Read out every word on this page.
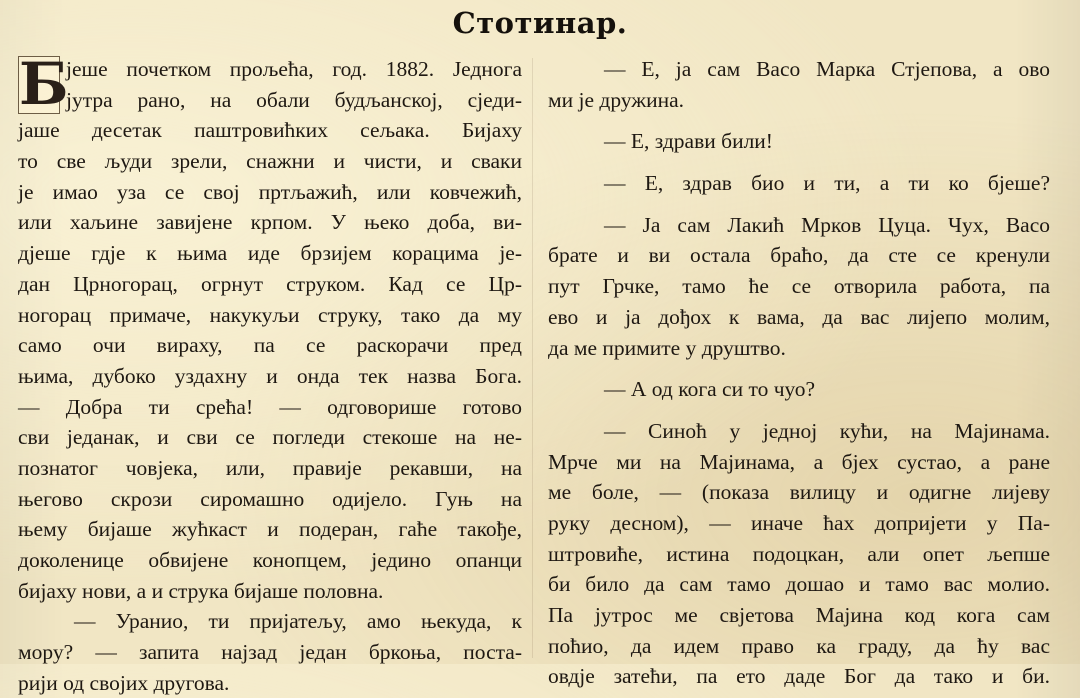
Стотинар.
Б
јеше почетком прољећа, год. 1882. Једнога
јутра рано, на обали будљанској, сједи-
јаше десетак паштровићких сељака. Бијаху
то све људи зрели, снажни и чисти, и сваки
је имао уза се свој пртљажић, или ковчежић,
или хаљине завијене крпом. У њеко доба, ви-
дјеше гдје к њима иде брзијем корацима је-
дан Црногорац, огрнут струком. Кад се Цр-
ногорац примаче, накукуљи струку, тако да му
само очи вираху, па се раскорачи пред
њима, дубоко уздахну и онда тек назва Бога.
— Добра ти срећа! — одговорише готово
сви једанак, и сви се погледи стекоше на не-
познатог човјека, или, правије рекавши, на
његово скрози сиромашно одијело. Гуњ на
њему бијаше жућкаст и подеран, гаће такође,
доколенице обвијене конопцем, једино опанци
бијаху нови, а и струка бијаше половна.
— Уранио, ти пријатељу, амо њекуда, к
мору? — запита најзад један бркоња, поста-
рији од својих другова.
— Е, ја сам Васо Марка Стјепова, а ово
ми је дружина.
— Е, здрави били!
— Е, здрав био и ти, а ти ко бјеше?
— Ја сам Лакић Мрков Цуца. Чух, Васо
брате и ви остала браћо, да сте се кренули
пут Грчке, тамо ће се отворила работа, па
ево и ја дођох к вама, да вас лијепо молим,
да ме примите у друштво.
— А од кога си то чуо?
— Синоћ у једној кући, на Мајинама.
Мрче ми на Мајинама, а бјех сустао, а ране
ме боле, — (показа вилицу и одигне лијеву
руку десном), — иначе ћах допријети у Па-
штровиће, истина подоцкан, али опет љепше
би било да сам тамо дошао и тамо вас молио.
Па јутрос ме свјетова Мајина код кога сам
поћио, да идем право ка граду, да ћу вас
овдје затећи, па ето даде Бог да тако и би.
